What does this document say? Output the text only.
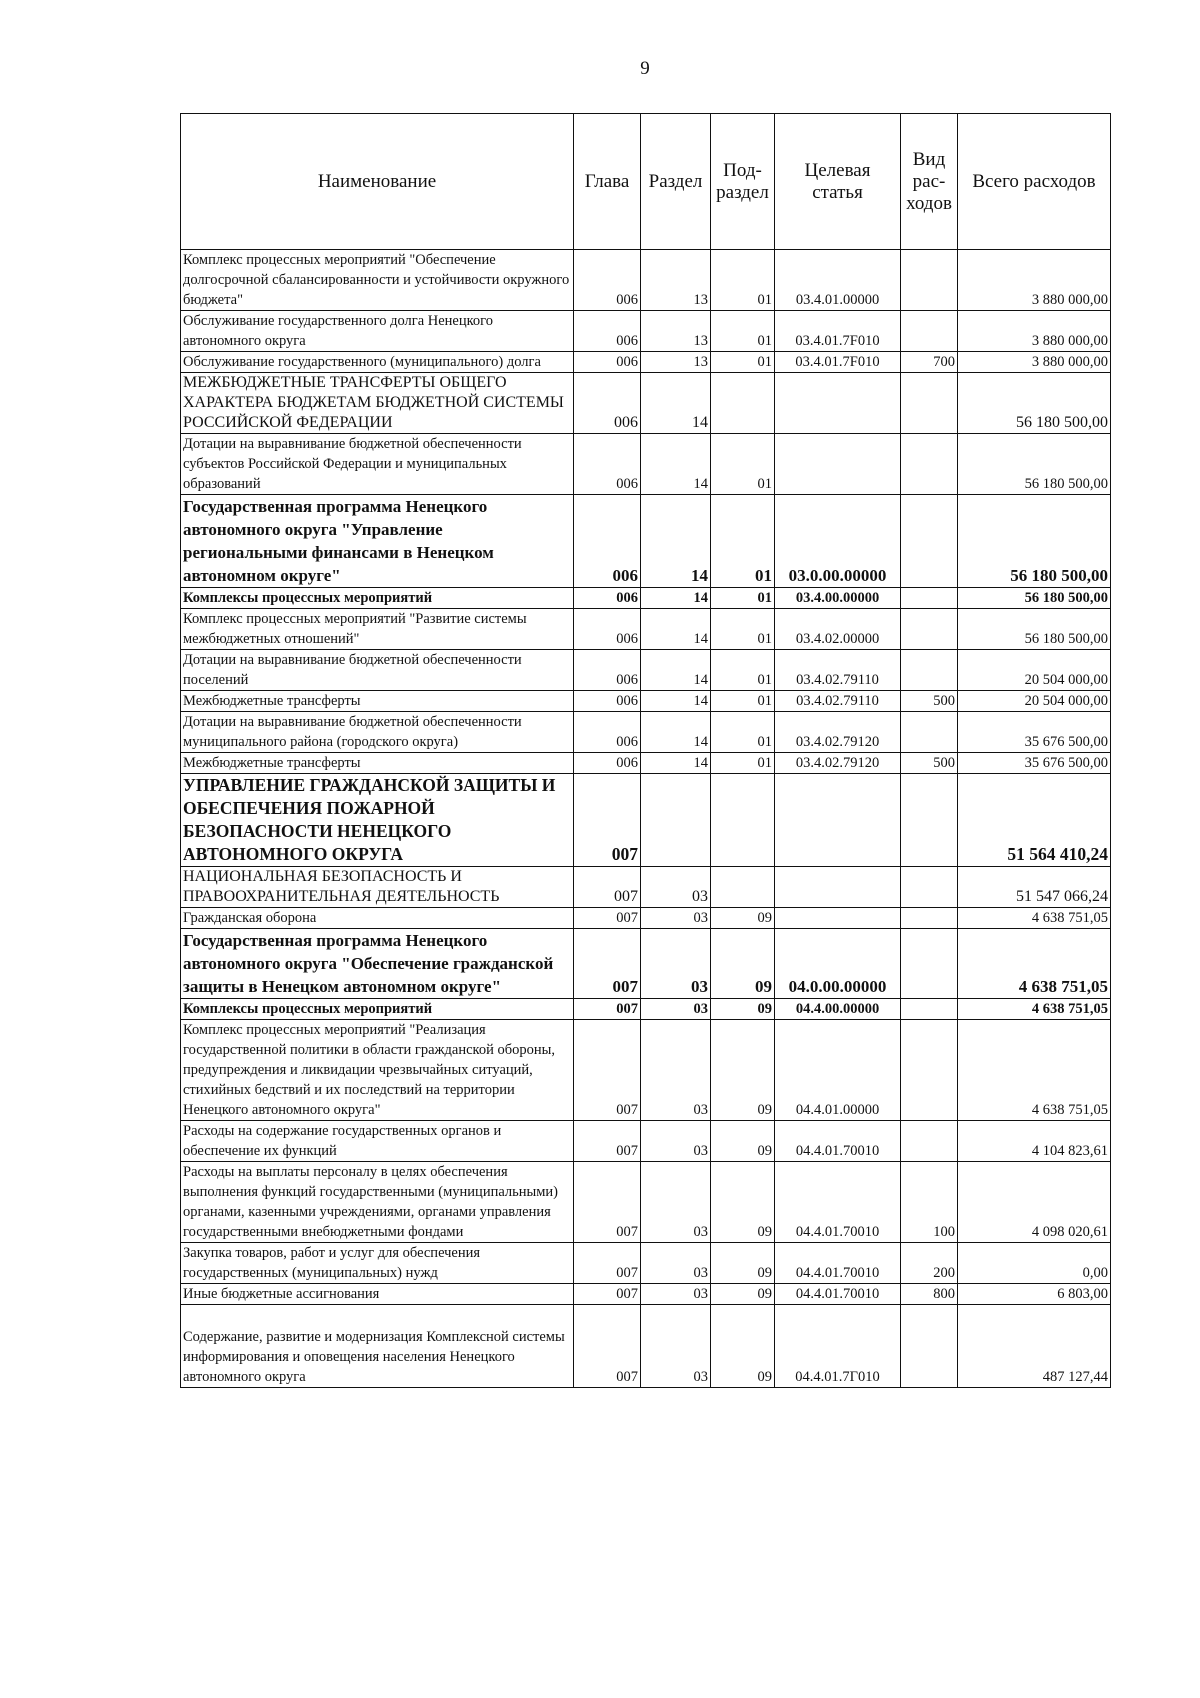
9
Наименование	Глава	Раздел	Под-раздел	Целевая статья	Вид рас-ходов	Всего расходов
Комплекс процессных мероприятий "Обеспечение долгосрочной сбалансированности и устойчивости окружного бюджета"	006	13	01	03.4.01.00000		3 880 000,00
Обслуживание государственного долга Ненецкого автономного округа	006	13	01	03.4.01.7F010		3 880 000,00
Обслуживание государственного (муниципального) долга	006	13	01	03.4.01.7F010	700	3 880 000,00
МЕЖБЮДЖЕТНЫЕ ТРАНСФЕРТЫ ОБЩЕГО ХАРАКТЕРА БЮДЖЕТАМ БЮДЖЕТНОЙ СИСТЕМЫ РОССИЙСКОЙ ФЕДЕРАЦИИ	006	14				56 180 500,00
Дотации на выравнивание бюджетной обеспеченности субъектов Российской Федерации и муниципальных образований	006	14	01			56 180 500,00
Государственная программа Ненецкого автономного округа "Управление региональными финансами в Ненецком автономном округе"	006	14	01	03.0.00.00000		56 180 500,00
Комплексы процессных мероприятий	006	14	01	03.4.00.00000		56 180 500,00
Комплекс процессных мероприятий "Развитие системы межбюджетных отношений"	006	14	01	03.4.02.00000		56 180 500,00
Дотации на выравнивание бюджетной обеспеченности поселений	006	14	01	03.4.02.79110		20 504 000,00
Межбюджетные трансферты	006	14	01	03.4.02.79110	500	20 504 000,00
Дотации на выравнивание бюджетной обеспеченности муниципального района (городского округа)	006	14	01	03.4.02.79120		35 676 500,00
Межбюджетные трансферты	006	14	01	03.4.02.79120	500	35 676 500,00
УПРАВЛЕНИЕ ГРАЖДАНСКОЙ ЗАЩИТЫ И ОБЕСПЕЧЕНИЯ ПОЖАРНОЙ БЕЗОПАСНОСТИ НЕНЕЦКОГО АВТОНОМНОГО ОКРУГА	007					51 564 410,24
НАЦИОНАЛЬНАЯ БЕЗОПАСНОСТЬ И ПРАВООХРАНИТЕЛЬНАЯ ДЕЯТЕЛЬНОСТЬ	007	03				51 547 066,24
Гражданская оборона	007	03	09			4 638 751,05
Государственная программа Ненецкого автономного округа "Обеспечение гражданской защиты в Ненецком автономном округе"	007	03	09	04.0.00.00000		4 638 751,05
Комплексы процессных мероприятий	007	03	09	04.4.00.00000		4 638 751,05
Комплекс процессных мероприятий "Реализация государственной политики в области гражданской обороны, предупреждения и ликвидации чрезвычайных ситуаций, стихийных бедствий и их последствий на территории Ненецкого автономного округа"	007	03	09	04.4.01.00000		4 638 751,05
Расходы на содержание государственных органов и обеспечение их функций	007	03	09	04.4.01.70010		4 104 823,61
Расходы на выплаты персоналу в целях обеспечения выполнения функций государственными (муниципальными) органами, казенными учреждениями, органами управления государственными внебюджетными фондами	007	03	09	04.4.01.70010	100	4 098 020,61
Закупка товаров, работ и услуг для обеспечения государственных (муниципальных) нужд	007	03	09	04.4.01.70010	200	0,00
Иные бюджетные ассигнования	007	03	09	04.4.01.70010	800	6 803,00
Содержание, развитие и модернизация Комплексной системы информирования и оповещения населения Ненецкого автономного округа	007	03	09	04.4.01.7Г010		487 127,44
